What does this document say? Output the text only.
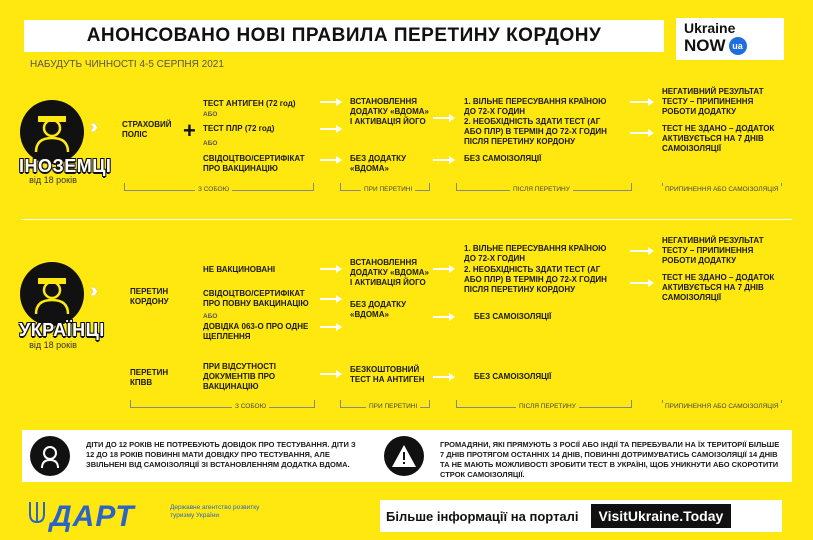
АНОНСОВАНО НОВІ ПРАВИЛА ПЕРЕТИНУ КОРДОНУ	Ukraine
NOW ua
НАБУДУТЬ ЧИННОСТІ 4-5 СЕРПНЯ 2021
ІНОЗЕМЦІ
від 18 років
›››	СТРАХОВИЙ ПОЛІС	+
ТЕСТ АНТИГЕН (72 год)
АБО
ТЕСТ ПЛР (72 год)
АБО
СВІДОЦТВО/СЕРТИФІКАТ ПРО ВАКЦИНАЦІЮ
ВСТАНОВЛЕННЯ ДОДАТКУ «ВДОМА» І АКТИВАЦІЯ ЙОГО
БЕЗ ДОДАТКУ «ВДОМА»
1. ВІЛЬНЕ ПЕРЕСУВАННЯ КРАЇНОЮ ДО 72-Х ГОДИН
2. НЕОБХІДНІСТЬ ЗДАТИ ТЕСТ (АГ АБО ПЛР) В ТЕРМІН ДО 72-Х ГОДИН ПІСЛЯ ПЕРЕТИНУ КОРДОНУ
БЕЗ САМОІЗОЛЯЦІЇ
НЕГАТИВНИЙ РЕЗУЛЬТАТ ТЕСТУ – ПРИПИНЕННЯ РОБОТИ ДОДАТКУ
ТЕСТ НЕ ЗДАНО – ДОДАТОК АКТИВУЄТЬСЯ НА 7 ДНІВ САМОІЗОЛЯЦІЇ
З СОБОЮ	ПРИ ПЕРЕТИНІ	ПІСЛЯ ПЕРЕТИНУ	ПРИПИНЕННЯ АБО САМОІЗОЛЯЦІЯ
УКРАЇНЦІ
від 18 років
›››	ПЕРЕТИН КОРДОНУ
ПЕРЕТИН КПВВ
НЕ ВАКЦИНОВАНІ
СВІДОЦТВО/СЕРТИФІКАТ ПРО ПОВНУ ВАКЦИНАЦІЮ
АБО
ДОВІДКА 063-О ПРО ОДНЕ ЩЕПЛЕННЯ
ПРИ ВІДСУТНОСТІ ДОКУМЕНТІВ ПРО ВАКЦИНАЦІЮ
ВСТАНОВЛЕННЯ ДОДАТКУ «ВДОМА» І АКТИВАЦІЯ ЙОГО
БЕЗ ДОДАТКУ «ВДОМА»
БЕЗКОШТОВНИЙ ТЕСТ НА АНТИГЕН
1. ВІЛЬНЕ ПЕРЕСУВАННЯ КРАЇНОЮ ДО 72-Х ГОДИН
2. НЕОБХІДНІСТЬ ЗДАТИ ТЕСТ (АГ АБО ПЛР) В ТЕРМІН ДО 72-Х ГОДИН ПІСЛЯ ПЕРЕТИНУ КОРДОНУ
БЕЗ САМОІЗОЛЯЦІЇ
БЕЗ САМОІЗОЛЯЦІЇ
НЕГАТИВНИЙ РЕЗУЛЬТАТ ТЕСТУ – ПРИПИНЕННЯ РОБОТИ ДОДАТКУ
ТЕСТ НЕ ЗДАНО – ДОДАТОК АКТИВУЄТЬСЯ НА 7 ДНІВ САМОІЗОЛЯЦІЇ
З СОБОЮ	ПРИ ПЕРЕТИНІ	ПІСЛЯ ПЕРЕТИНУ	ПРИПИНЕННЯ АБО САМОІЗОЛЯЦІЯ
ДІТИ ДО 12 РОКІВ НЕ ПОТРЕБУЮТЬ ДОВІДОК ПРО ТЕСТУВАННЯ. ДІТИ З 12 ДО 18 РОКІВ ПОВИННІ МАТИ ДОВІДКУ ПРО ТЕСТУВАННЯ, АЛЕ ЗВІЛЬНЕНІ ВІД САМОІЗОЛЯЦІЇ ЗІ ВСТАНОВЛЕННЯМ ДОДАТКА ВДОМА.
ГРОМАДЯНИ, ЯКІ ПРЯМУЮТЬ З РОСІЇ АБО ІНДІЇ ТА ПЕРЕБУВАЛИ НА ЇХ ТЕРИТОРІЇ БІЛЬШЕ 7 ДНІВ ПРОТЯГОМ ОСТАННІХ 14 ДНІВ, ПОВИННІ ДОТРИМУВАТИСЬ САМОІЗОЛЯЦІЇ 14 ДНІВ ТА НЕ МАЮТЬ МОЖЛИВОСТІ ЗРОБИТИ ТЕСТ В УКРАЇНІ, ЩОБ УНИКНУТИ АБО СКОРОТИТИ СТРОК САМОІЗОЛЯЦІЇ.
ДАРТ	Державне агентство розвитку туризму України	Більше інформації на порталі	VisitUkraine.Today
